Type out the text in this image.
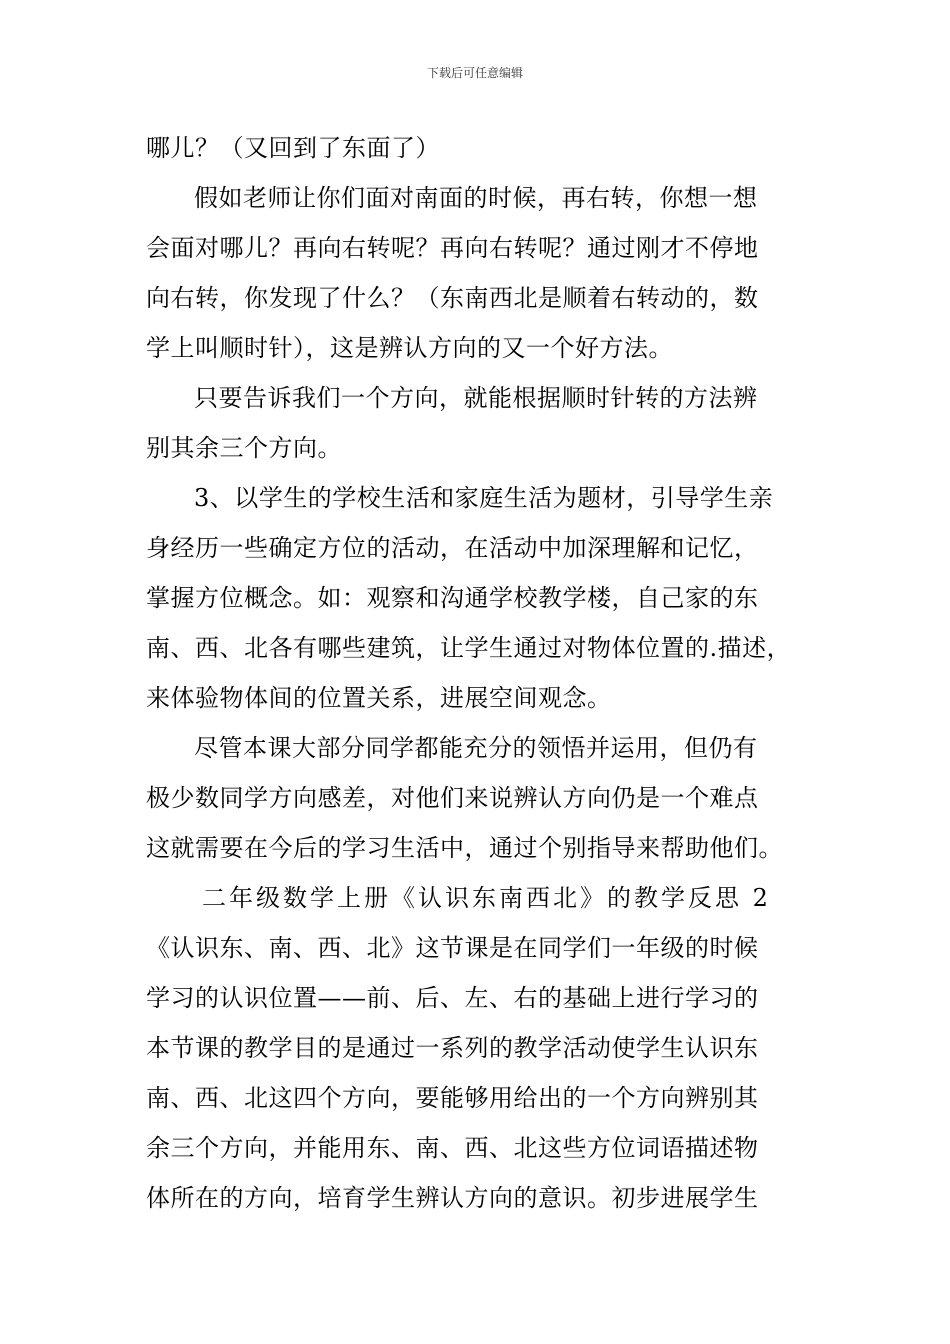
下载后可任意编辑
哪儿？（又回到了东面了）
假如老师让你们面对南面的时候，再右转，你想一想
会面对哪儿？再向右转呢？再向右转呢？通过刚才不停地
向右转，你发现了什么？（东南西北是顺着右转动的，数
学上叫顺时针），这是辨认方向的又一个好方法。
只要告诉我们一个方向，就能根据顺时针转的方法辨
别其余三个方向。
3、以学生的学校生活和家庭生活为题材，引导学生亲
身经历一些确定方位的活动，在活动中加深理解和记忆，
掌握方位概念。如：观察和沟通学校教学楼，自己家的东
南、西、北各有哪些建筑，让学生通过对物体位置的.描述，
来体验物体间的位置关系，进展空间观念。
尽管本课大部分同学都能充分的领悟并运用，但仍有
极少数同学方向感差，对他们来说辨认方向仍是一个难点
这就需要在今后的学习生活中，通过个别指导来帮助他们。
二年级数学上册《认识东南西北》的教学反思 2
《认识东、南、西、北》这节课是在同学们一年级的时候
学习的认识位置——前、后、左、右的基础上进行学习的
本节课的教学目的是通过一系列的教学活动使学生认识东
南、西、北这四个方向，要能够用给出的一个方向辨别其
余三个方向，并能用东、南、西、北这些方位词语描述物
体所在的方向，培育学生辨认方向的意识。初步进展学生
